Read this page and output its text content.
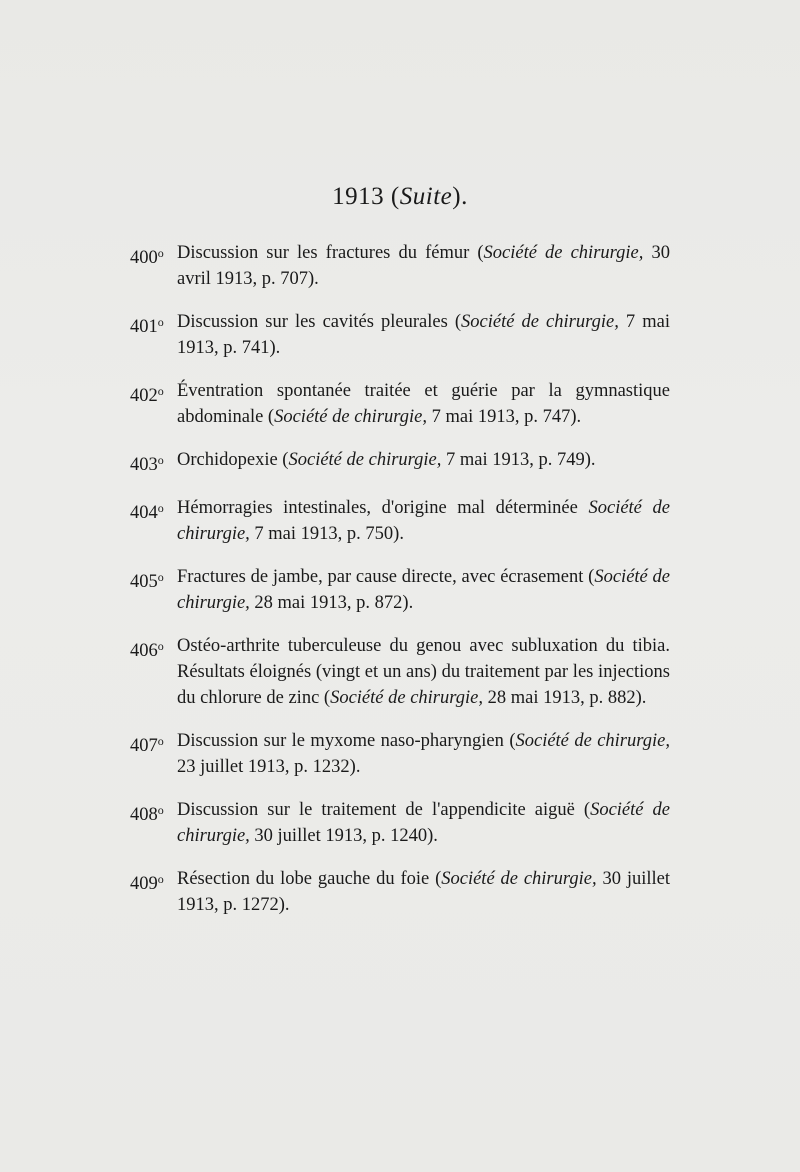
1913 (Suite).
400$^o$ Discussion sur les fractures du fémur (Société de chirurgie, 30 avril 1913, p. 707).
401$^o$ Discussion sur les cavités pleurales (Société de chirurgie, 7 mai 1913, p. 741).
402$^o$ Éventration spontanée traitée et guérie par la gymnastique abdominale (Société de chirurgie, 7 mai 1913, p. 747).
403$^o$ Orchidopexie (Société de chirurgie, 7 mai 1913, p. 749).
404$^o$ Hémorragies intestinales, d'origine mal déterminée Société de chirurgie, 7 mai 1913, p. 750).
405$^o$ Fractures de jambe, par cause directe, avec écrasement (Société de chirurgie, 28 mai 1913, p. 872).
406$^o$ Ostéo-arthrite tuberculeuse du genou avec subluxation du tibia. Résultats éloignés (vingt et un ans) du traitement par les injections du chlorure de zinc (Société de chirurgie, 28 mai 1913, p. 882).
407$^o$ Discussion sur le myxome naso-pharyngien (Société de chirurgie, 23 juillet 1913, p. 1232).
408$^o$ Discussion sur le traitement de l'appendicite aiguë (Société de chirurgie, 30 juillet 1913, p. 1240).
409$^o$ Résection du lobe gauche du foie (Société de chirurgie, 30 juillet 1913, p. 1272).
